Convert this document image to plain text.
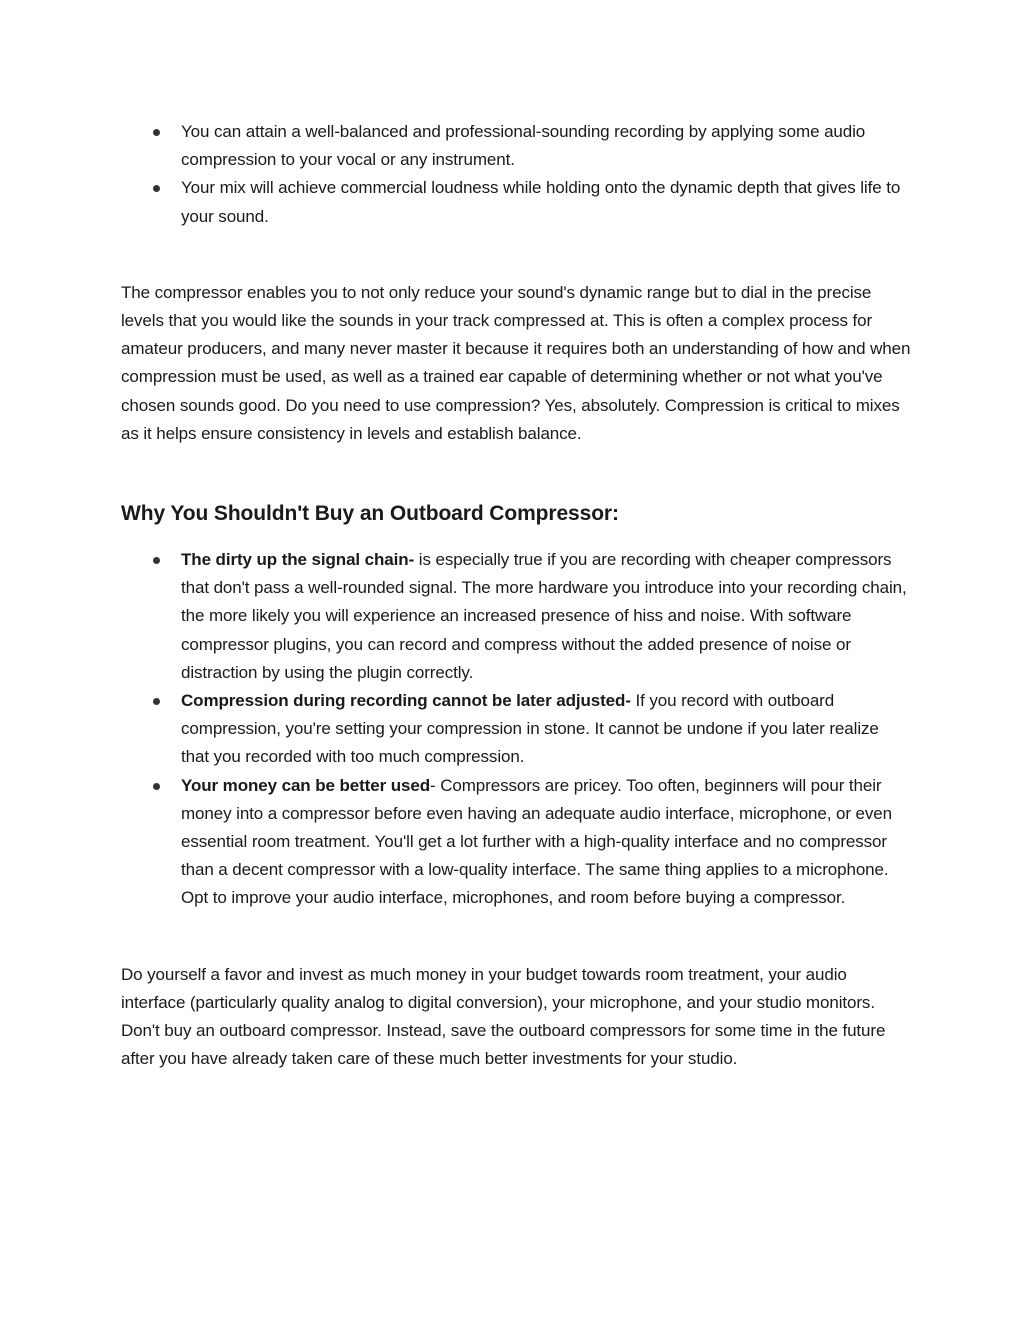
You can attain a well-balanced and professional-sounding recording by applying some audio compression to your vocal or any instrument.
Your mix will achieve commercial loudness while holding onto the dynamic depth that gives life to your sound.

The compressor enables you to not only reduce your sound's dynamic range but to dial in the precise levels that you would like the sounds in your track compressed at. This is often a complex process for amateur producers, and many never master it because it requires both an understanding of how and when compression must be used, as well as a trained ear capable of determining whether or not what you've chosen sounds good. Do you need to use compression? Yes, absolutely. Compression is critical to mixes as it helps ensure consistency in levels and establish balance.

Why You Shouldn't Buy an Outboard Compressor:
The dirty up the signal chain- is especially true if you are recording with cheaper compressors that don't pass a well-rounded signal. The more hardware you introduce into your recording chain, the more likely you will experience an increased presence of hiss and noise. With software compressor plugins, you can record and compress without the added presence of noise or distraction by using the plugin correctly.
Compression during recording cannot be later adjusted- If you record with outboard compression, you're setting your compression in stone. It cannot be undone if you later realize that you recorded with too much compression.
Your money can be better used- Compressors are pricey. Too often, beginners will pour their money into a compressor before even having an adequate audio interface, microphone, or even essential room treatment. You'll get a lot further with a high-quality interface and no compressor than a decent compressor with a low-quality interface. The same thing applies to a microphone. Opt to improve your audio interface, microphones, and room before buying a compressor.

Do yourself a favor and invest as much money in your budget towards room treatment, your audio interface (particularly quality analog to digital conversion), your microphone, and your studio monitors. Don't buy an outboard compressor. Instead, save the outboard compressors for some time in the future after you have already taken care of these much better investments for your studio.
